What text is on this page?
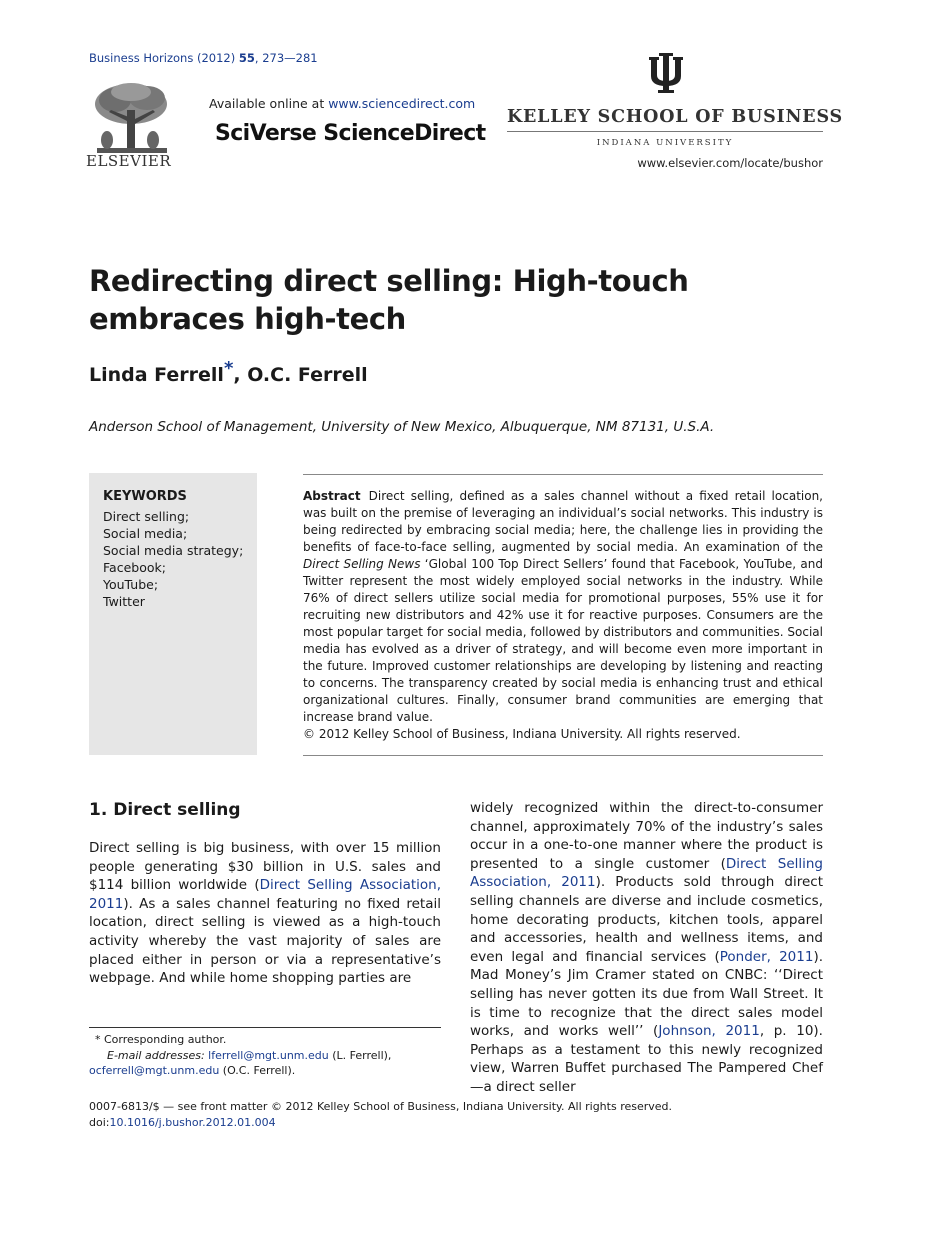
Business Horizons (2012) 55, 273—281
ELSEVIER
Available online at www.sciencedirect.com
SciVerse ScienceDirect
KELLEY SCHOOL OF BUSINESS
INDIANA UNIVERSITY
www.elsevier.com/locate/bushor
Redirecting direct selling: High-touch embraces high-tech
Linda Ferrell*, O.C. Ferrell
Anderson School of Management, University of New Mexico, Albuquerque, NM 87131, U.S.A.
KEYWORDS
Direct selling;
Social media;
Social media strategy;
Facebook;
YouTube;
Twitter
Abstract Direct selling, defined as a sales channel without a fixed retail location, was built on the premise of leveraging an individual’s social networks. This industry is being redirected by embracing social media; here, the challenge lies in providing the benefits of face-to-face selling, augmented by social media. An examination of the Direct Selling News ‘Global 100 Top Direct Sellers’ found that Facebook, YouTube, and Twitter represent the most widely employed social networks in the industry. While 76% of direct sellers utilize social media for promotional purposes, 55% use it for recruiting new distributors and 42% use it for reactive purposes. Consumers are the most popular target for social media, followed by distributors and communities. Social media has evolved as a driver of strategy, and will become even more important in the future. Improved customer relationships are developing by listening and reacting to concerns. The transparency created by social media is enhancing trust and ethical organizational cultures. Finally, consumer brand communities are emerging that increase brand value.
© 2012 Kelley School of Business, Indiana University. All rights reserved.
1. Direct selling
Direct selling is big business, with over 15 million people generating $30 billion in U.S. sales and $114 billion worldwide (Direct Selling Association, 2011). As a sales channel featuring no fixed retail location, direct selling is viewed as a high-touch activity whereby the vast majority of sales are placed either in person or via a representative’s webpage. And while home shopping parties are
widely recognized within the direct-to-consumer channel, approximately 70% of the industry’s sales occur in a one-to-one manner where the product is presented to a single customer (Direct Selling Association, 2011). Products sold through direct selling channels are diverse and include cosmetics, home decorating products, kitchen tools, apparel and accessories, health and wellness items, and even legal and financial services (Ponder, 2011). Mad Money’s Jim Cramer stated on CNBC: ‘‘Direct selling has never gotten its due from Wall Street. It is time to recognize that the direct sales model works, and works well’’ (Johnson, 2011, p. 10). Perhaps as a testament to this newly recognized view, Warren Buffet purchased The Pampered Chef—a direct seller
* Corresponding author.
E-mail addresses: lferrell@mgt.unm.edu (L. Ferrell),
ocferrell@mgt.unm.edu (O.C. Ferrell).
0007-6813/$ — see front matter © 2012 Kelley School of Business, Indiana University. All rights reserved.
doi:10.1016/j.bushor.2012.01.004
